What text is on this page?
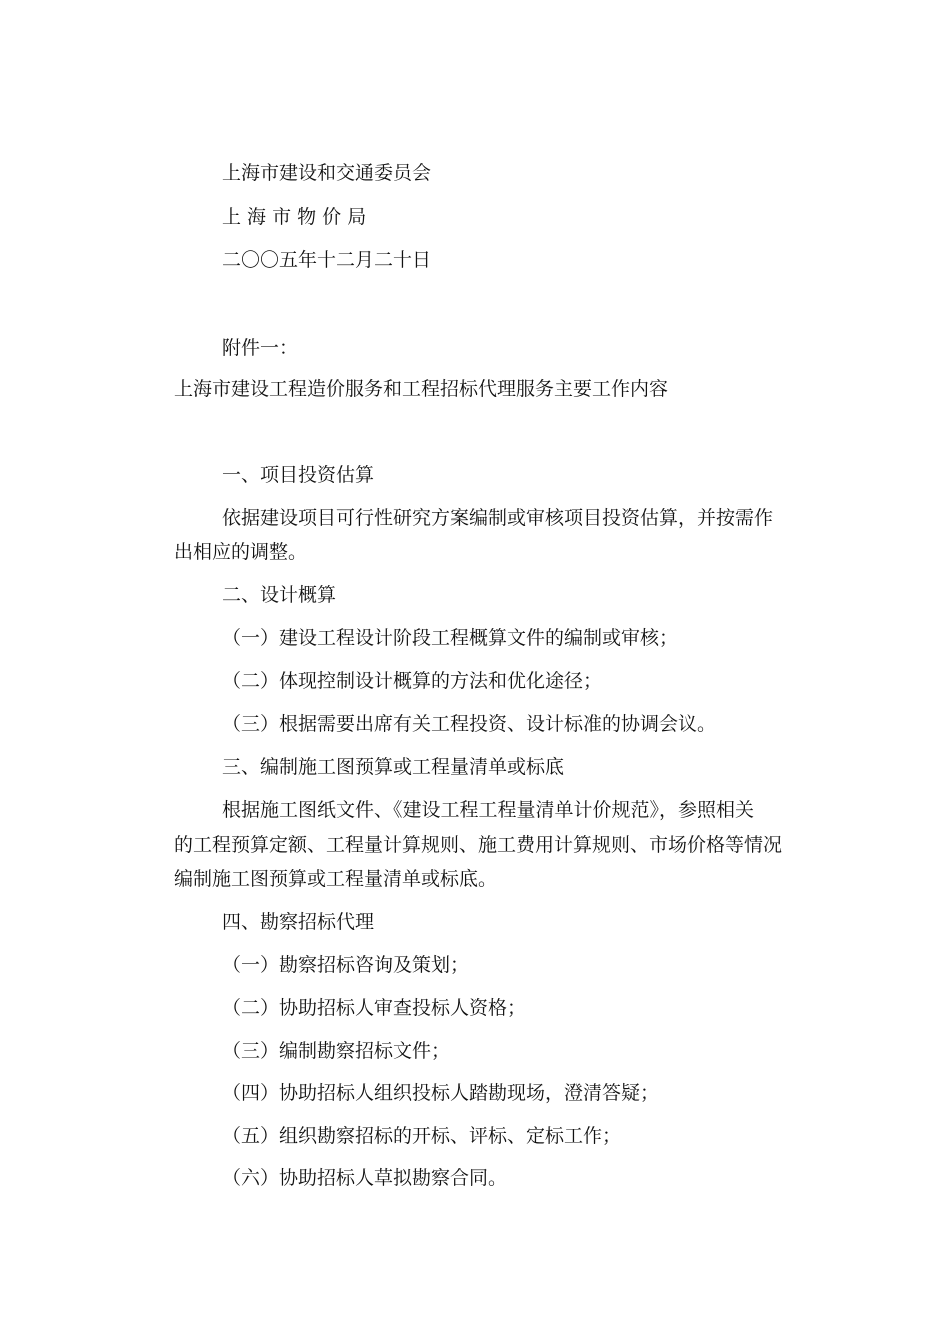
上海市建设和交通委员会
上 海 市 物 价 局
二〇〇五年十二月二十日
附件一：
上海市建设工程造价服务和工程招标代理服务主要工作内容
一、项目投资估算
依据建设项目可行性研究方案编制或审核项目投资估算，并按需作
出相应的调整。
二、设计概算
（一）建设工程设计阶段工程概算文件的编制或审核；
（二）体现控制设计概算的方法和优化途径；
（三）根据需要出席有关工程投资、设计标准的协调会议。
三、编制施工图预算或工程量清单或标底
根据施工图纸文件、《建设工程工程量清单计价规范》，参照相关
的工程预算定额、工程量计算规则、施工费用计算规则、市场价格等情况
编制施工图预算或工程量清单或标底。
四、勘察招标代理
（一）勘察招标咨询及策划；
（二）协助招标人审查投标人资格；
（三）编制勘察招标文件；
（四）协助招标人组织投标人踏勘现场，澄清答疑；
（五）组织勘察招标的开标、评标、定标工作；
（六）协助招标人草拟勘察合同。
